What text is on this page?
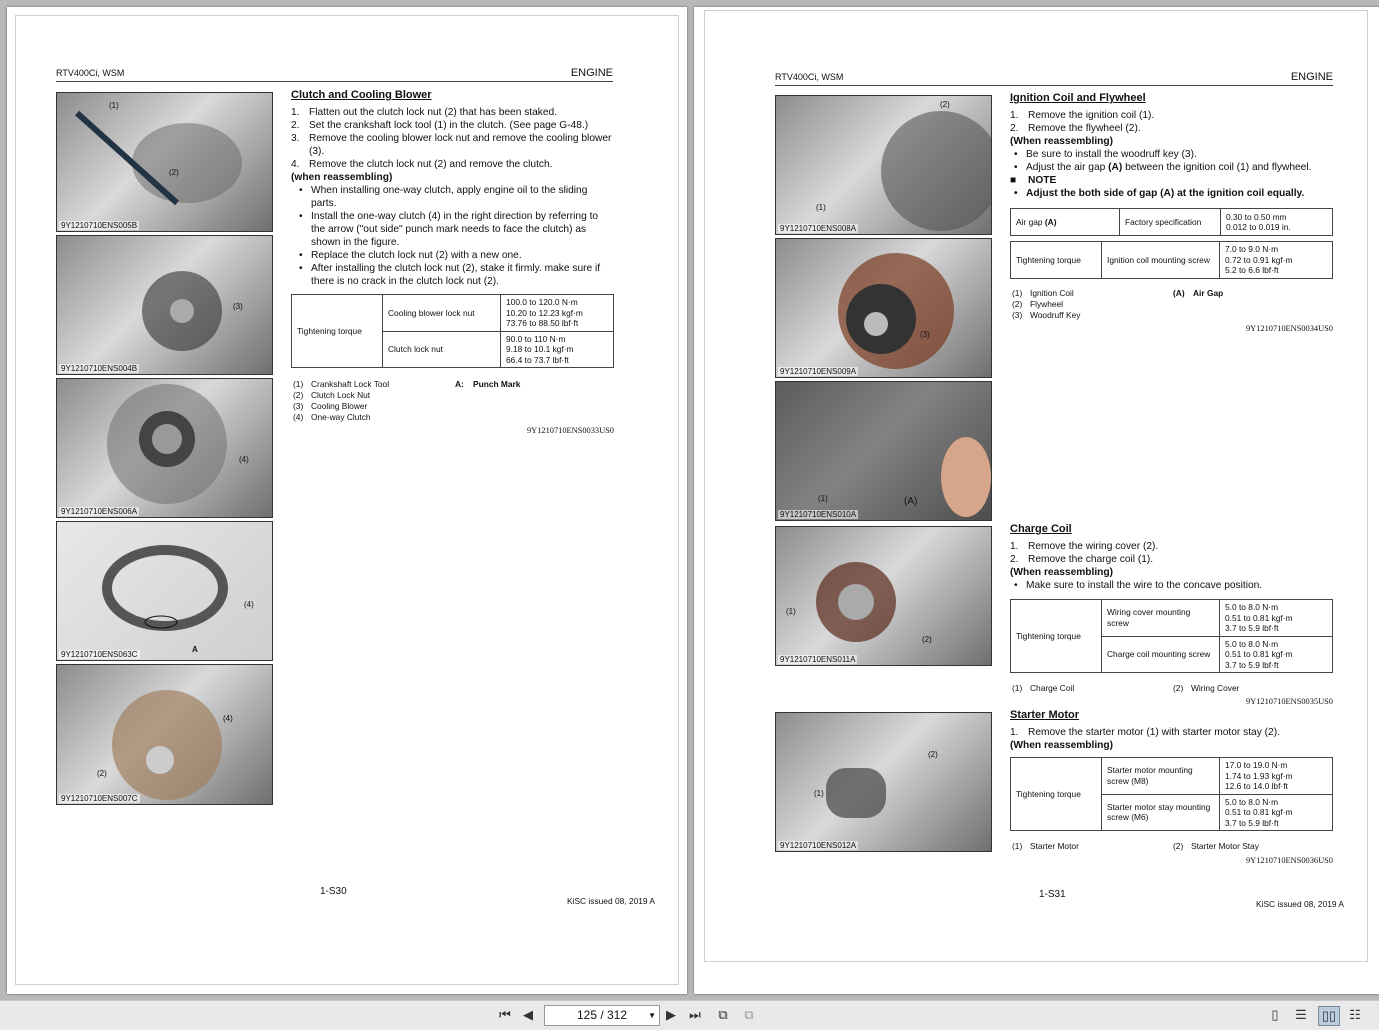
RTV400Ci, WSM	ENGINE
(1)
(2)
9Y1210710ENS005B
(3)
9Y1210710ENS004B
(4)
9Y1210710ENS006A
(4)
A
9Y1210710ENS063C
(4)
(2)
9Y1210710ENS007C
Clutch and Cooling Blower
1. Flatten out the clutch lock nut (2) that has been staked.
2. Set the crankshaft lock tool (1) in the clutch. (See page G-48.)
3. Remove the cooling blower lock nut and remove the cooling blower (3).
4. Remove the clutch lock nut (2) and remove the clutch.
(when reassembling)
• When installing one-way clutch, apply engine oil to the sliding parts.
• Install the one-way clutch (4) in the right direction by referring to the arrow ("out side" punch mark needs to face the clutch) as shown in the figure.
• Replace the clutch lock nut (2) with a new one.
• After installing the clutch lock nut (2), stake it firmly. make sure if there is no crack in the clutch lock nut (2).
Tightening torque	Cooling blower lock nut	100.0 to 120.0 N·m
10.20 to 12.23 kgf·m
73.76 to 88.50 lbf·ft

	Clutch lock nut	90.0 to 110 N·m
9.18 to 10.1 kgf·m
66.4 to 73.7 lbf·ft
(1) Crankshaft Lock Tool
(2) Clutch Lock Nut
(3) Cooling Blower
(4) One-way Clutch
A:	Punch Mark
9Y1210710ENS0033US0
1-S30
KiSC issued 08, 2019 A
RTV400Ci, WSM	ENGINE
(2)
(1)
9Y1210710ENS008A
(3)
9Y1210710ENS009A
(1)	(A)
9Y1210710ENS010A
(1)
(2)
9Y1210710ENS011A
(2)
(1)
9Y1210710ENS012A
Ignition Coil and Flywheel
1. Remove the ignition coil (1).
2. Remove the flywheel (2).
(When reassembling)
• Be sure to install the woodruff key (3).
• Adjust the air gap (A) between the ignition coil (1) and flywheel.
■	NOTE
• Adjust the both side of gap (A) at the ignition coil equally.
Air gap (A)	Factory specification	
0.30 to 0.50 mm
0.012 to 0.019 in.
Tightening torque	Ignition coil mounting screw	
7.0 to 9.0 N·m
0.72 to 0.91 kgf·m
5.2 to 6.6 lbf·ft
(1) Ignition Coil
(2) Flywheel
(3) Woodruff Key
(A) Air Gap
9Y1210710ENS0034US0
Charge Coil
1. Remove the wiring cover (2).
2. Remove the charge coil (1).
(When reassembling)
• Make sure to install the wire to the concave position.
Tightening torque	Wiring cover mounting screw	5.0 to 8.0 N·m
0.51 to 0.81 kgf·m
3.7 to 5.9 lbf·ft

	Charge coil mounting screw	5.0 to 8.0 N·m
0.51 to 0.81 kgf·m
3.7 to 5.9 lbf·ft
(1) Charge Coil	(2) Wiring Cover
9Y1210710ENS0035US0
Starter Motor
1. Remove the starter motor (1) with starter motor stay (2).
(When reassembling)
Tightening torque	Starter motor mounting screw (M8)	17.0 to 19.0 N·m
1.74 to 1.93 kgf·m
12.6 to 14.0 lbf·ft

	Starter motor stay mounting screw (M6)	5.0 to 8.0 N·m
0.51 to 0.81 kgf·m
3.7 to 5.9 lbf·ft
(1) Starter Motor	(2) Starter Motor Stay
9Y1210710ENS0036US0
1-S31
KiSC issued 08, 2019 A
⏮ ◀	125 / 312	▼ ▶ ⏭	⧉	⧉	▯	☰ ▯▯	☷
